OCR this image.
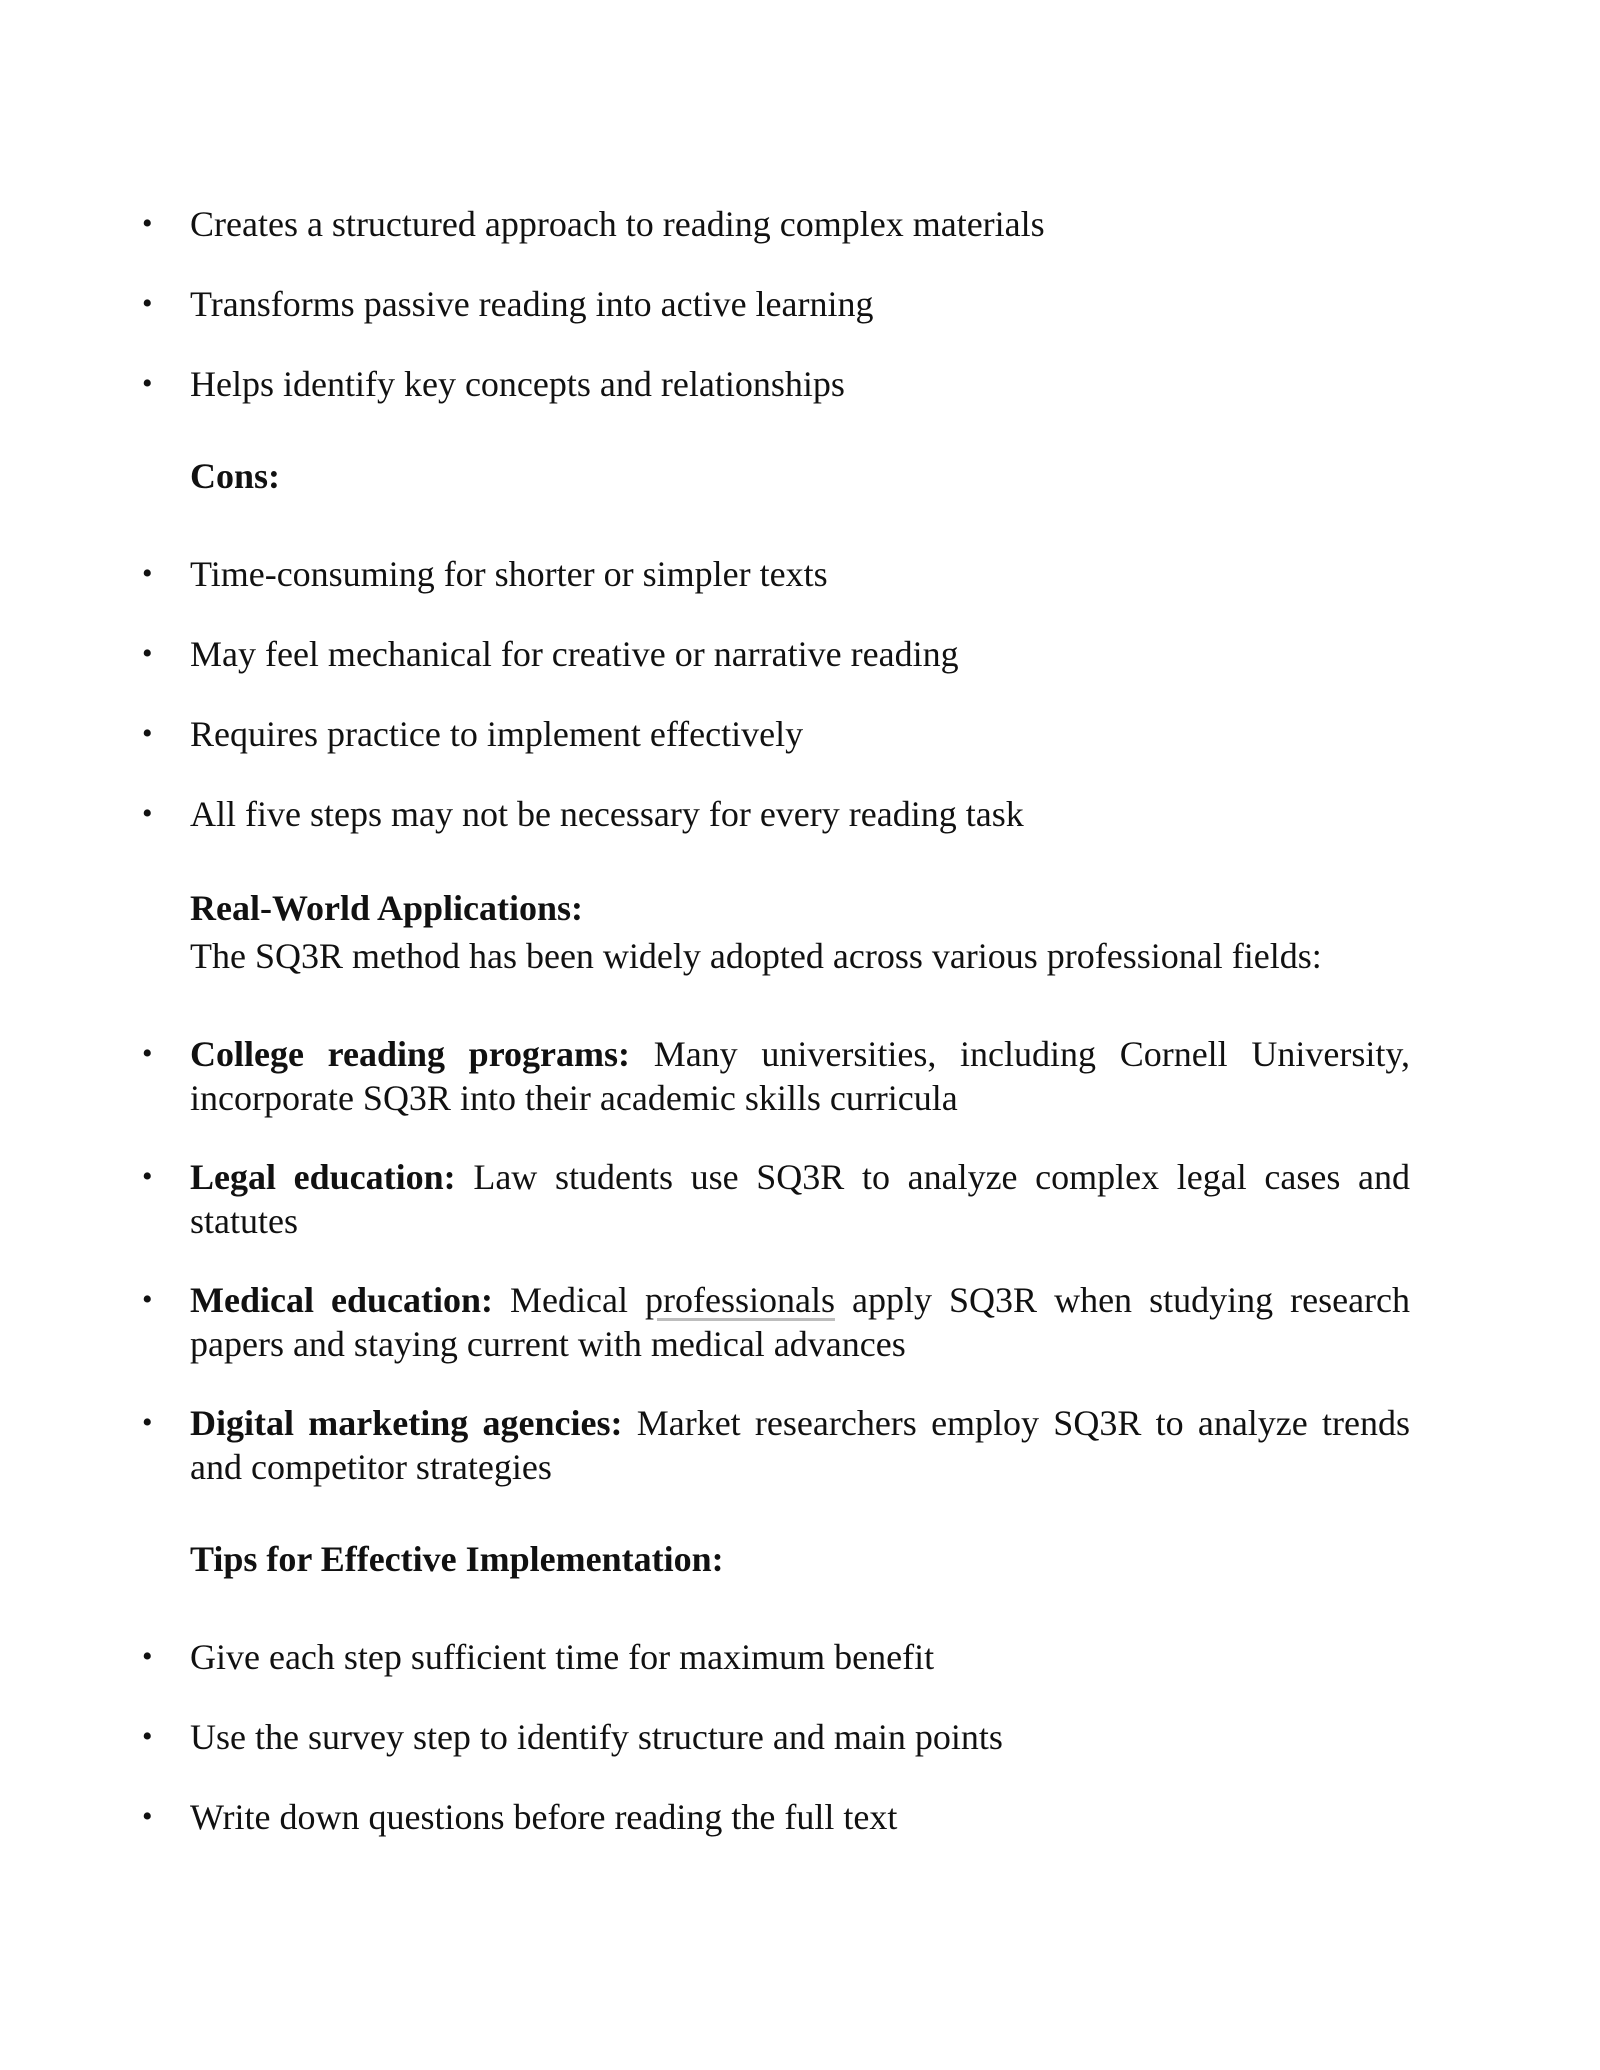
• Creates a structured approach to reading complex materials
• Transforms passive reading into active learning
• Helps identify key concepts and relationships
Cons:
• Time-consuming for shorter or simpler texts
• May feel mechanical for creative or narrative reading
• Requires practice to implement effectively
• All five steps may not be necessary for every reading task
Real-World Applications:
The SQ3R method has been widely adopted across various professional fields:
• College reading programs: Many universities, including Cornell University, incorporate SQ3R into their academic skills curricula
• Legal education: Law students use SQ3R to analyze complex legal cases and statutes
• Medical education: Medical professionals apply SQ3R when studying research papers and staying current with medical advances
• Digital marketing agencies: Market researchers employ SQ3R to analyze trends and competitor strategies
Tips for Effective Implementation:
• Give each step sufficient time for maximum benefit
• Use the survey step to identify structure and main points
• Write down questions before reading the full text
